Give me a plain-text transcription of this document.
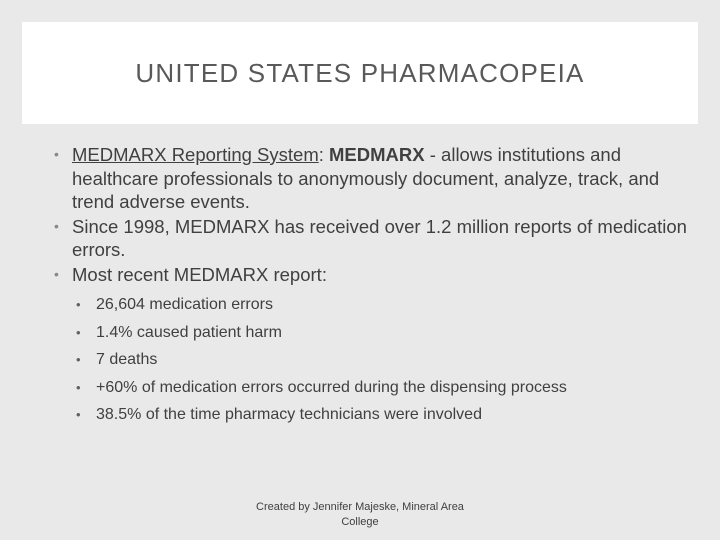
UNITED STATES PHARMACOPEIA
• MEDMARX Reporting System: MEDMARX - allows institutions and healthcare professionals to anonymously document, analyze, track, and trend adverse events.
• Since 1998, MEDMARX has received over 1.2 million reports of medication errors.
• Most recent MEDMARX report:
• 26,604 medication errors
• 1.4% caused patient harm
• 7 deaths
• +60% of medication errors occurred during the dispensing process
• 38.5% of the time pharmacy technicians were involved
Created by Jennifer Majeske, Mineral Area College
